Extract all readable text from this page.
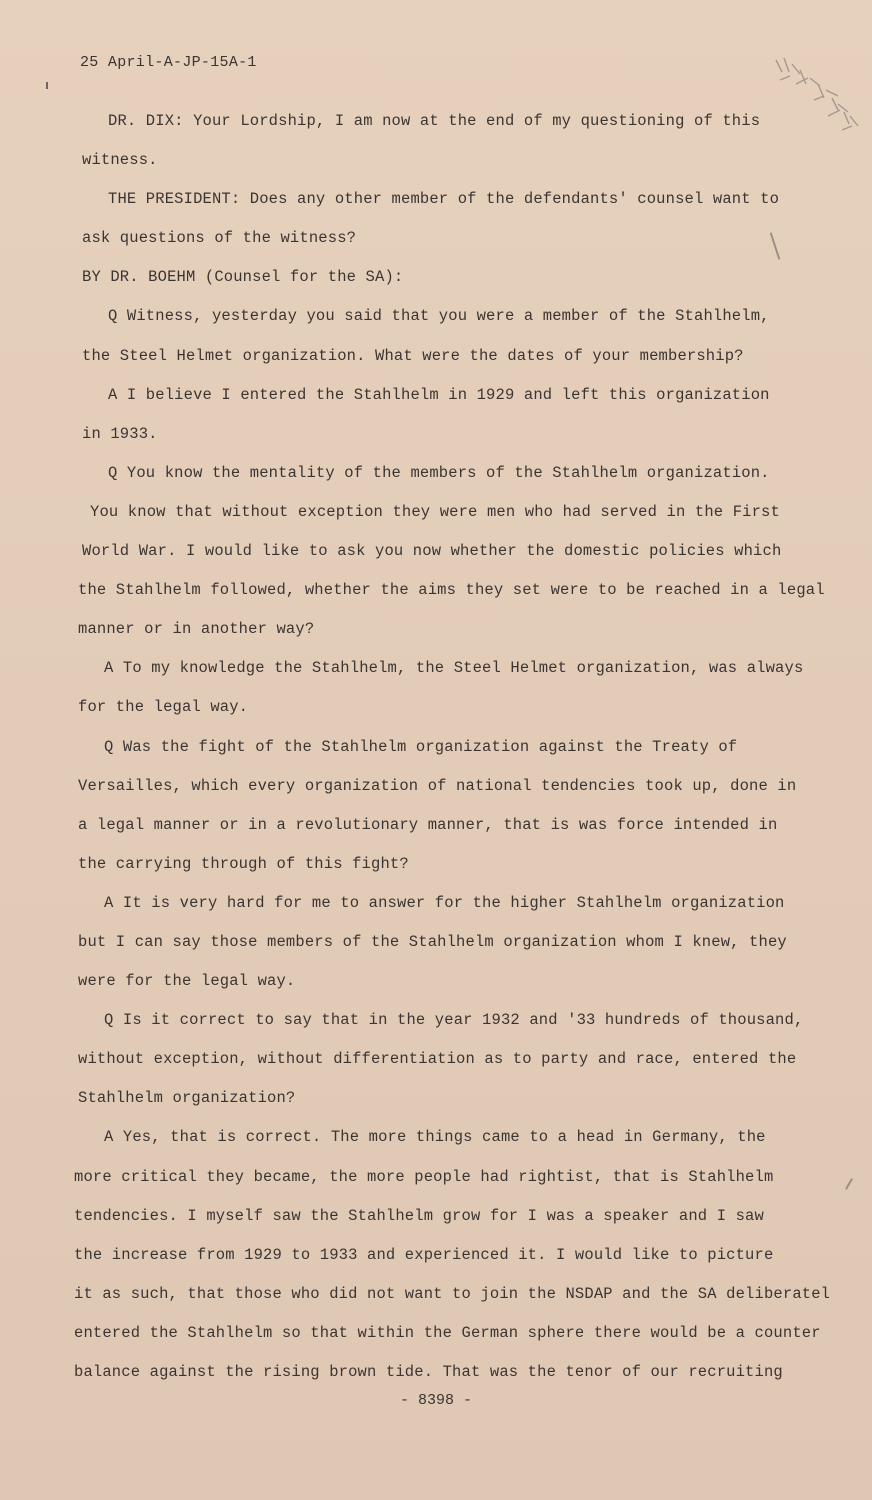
25 April-A-JP-15A-1
DR. DIX: Your Lordship, I am now at the end of my questioning of this
witness.
THE PRESIDENT: Does any other member of the defendants' counsel want to
ask questions of the witness?
BY DR. BOEHM (Counsel for the SA):
Q Witness, yesterday you said that you were a member of the Stahlhelm,
the Steel Helmet organization. What were the dates of your membership?
A I believe I entered the Stahlhelm in 1929 and left this organization
in 1933.
Q You know the mentality of the members of the Stahlhelm organization.
You know that without exception they were men who had served in the First
World War. I would like to ask you now whether the domestic policies which
the Stahlhelm followed, whether the aims they set were to be reached in a legal
manner or in another way?
A To my knowledge the Stahlhelm, the Steel Helmet organization, was always
for the legal way.
Q Was the fight of the Stahlhelm organization against the Treaty of
Versailles, which every organization of national tendencies took up, done in
a legal manner or in a revolutionary manner, that is was force intended in
the carrying through of this fight?
A It is very hard for me to answer for the higher Stahlhelm organization
but I can say those members of the Stahlhelm organization whom I knew, they
were for the legal way.
Q Is it correct to say that in the year 1932 and '33 hundreds of thousand,
without exception, without differentiation as to party and race, entered the
Stahlhelm organization?
A Yes, that is correct. The more things came to a head in Germany, the
more critical they became, the more people had rightist, that is Stahlhelm
tendencies. I myself saw the Stahlhelm grow for I was a speaker and I saw
the increase from 1929 to 1933 and experienced it. I would like to picture
it as such, that those who did not want to join the NSDAP and the SA deliberatel
entered the Stahlhelm so that within the German sphere there would be a counter
balance against the rising brown tide. That was the tenor of our recruiting
- 8398 -
